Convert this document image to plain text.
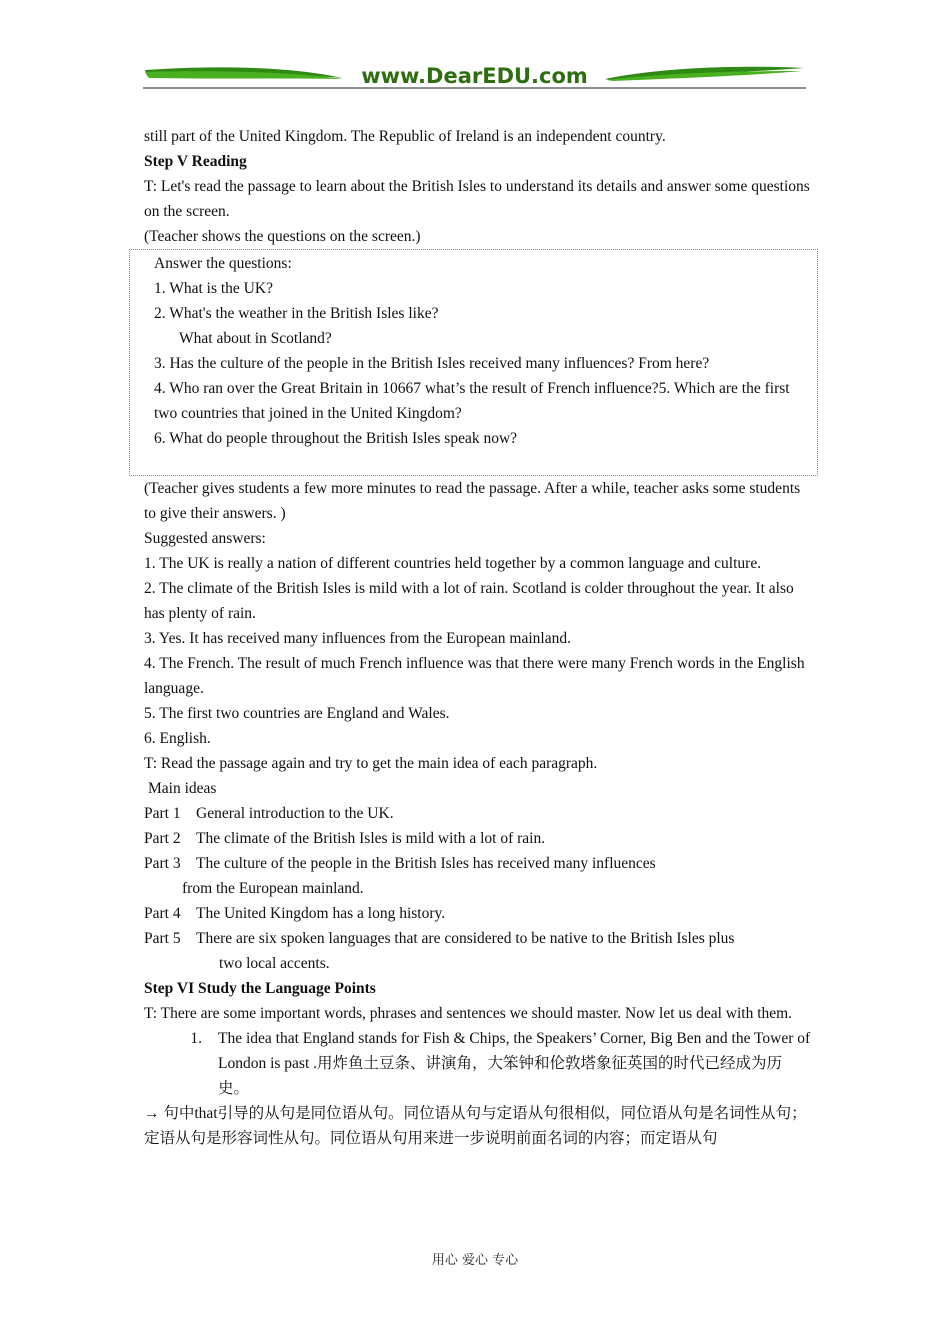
www.DearEDU.com

still part of the United Kingdom. The Republic of Ireland is an independent country.

Step V Reading

T: Let's read the passage to learn about the British Isles to understand its details and answer some questions on the screen.

(Teacher shows the questions on the screen.)

Answer the questions:

1. What is the UK?

2. What's the weather in the British Isles like?

What about in Scotland?

3. Has the culture of the people in the British Isles received many influences? From here?

4. Who ran over the Great Britain in 10667 what’s the result of French influence?5. Which are the first two countries that joined in the United Kingdom?

6. What do people throughout the British Isles speak now?

(Teacher gives students a few more minutes to read the passage. After a while, teacher asks some students to give their answers. )

Suggested answers:

1. The UK is really a nation of different countries held together by a common language and culture.

2. The climate of the British Isles is mild with a lot of rain. Scotland is colder throughout the year. It also has plenty of rain.

3. Yes. It has received many influences from the European mainland.

4. The French. The result of much French influence was that there were many French words in the English language.

5. The first two countries are England and Wales.

6. English.

T: Read the passage again and try to get the main idea of each paragraph.

Main ideas

Part 1 General introduction to the UK.
Part 2 The climate of the British Isles is mild with a lot of rain.
Part 3 The culture of the people in the British Isles has received many influences

from the European mainland.

Part 4 The United Kingdom has a long history.
Part 5 There are six spoken languages that are considered to be native to the British Isles plus

two local accents.

Step VI Study the Language Points

T: There are some important words, phrases and sentences we should master. Now let us deal with them.

1.	The idea that England stands for Fish & Chips, the Speakers’ Corner, Big Ben and the Tower of London is past .用炸鱼土豆条、讲演角，大笨钟和伦敦塔象征英国的时代已经成为历史。

→ 句中that引导的从句是同位语从句。同位语从句与定语从句很相似，同位语从句是名词性从句；定语从句是形容词性从句。同位语从句用来进一步说明前面名词的内容；而定语从句

用心 爱心 专心
